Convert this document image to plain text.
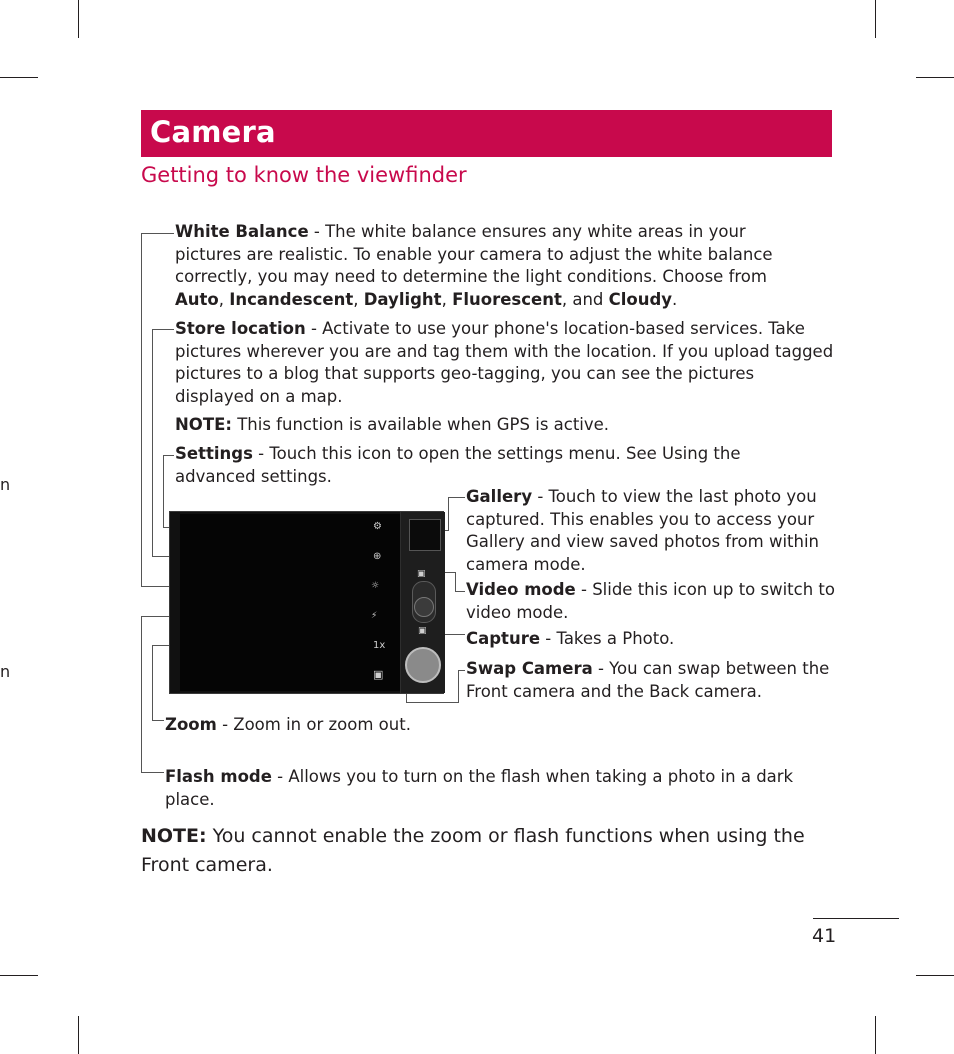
n
n
Camera
Getting to know the viewfinder
White Balance - The white balance ensures any white areas in your pictures are realistic. To enable your camera to adjust the white balance correctly, you may need to determine the light conditions. Choose from Auto, Incandescent, Daylight, Fluorescent, and Cloudy.
Store location - Activate to use your phone's location-based services. Take pictures wherever you are and tag them with the location. If you upload tagged pictures to a blog that supports geo-tagging, you can see the pictures displayed on a map.
NOTE: This function is available when GPS is active.
Settings - Touch this icon to open the settings menu. See Using the advanced settings.
Gallery - Touch to view the last photo you captured. This enables you to access your Gallery and view saved photos from within camera mode.
Video mode - Slide this icon up to switch to video mode.
Capture - Takes a Photo.
Swap Camera - You can swap between the Front camera and the Back camera.
Zoom - Zoom in or zoom out.
Flash mode - Allows you to turn on the flash when taking a photo in a dark place.
NOTE: You cannot enable the zoom or flash functions when using the Front camera.
⚙
⊕
☼
⚡
1x
▣
▣
▣
41
